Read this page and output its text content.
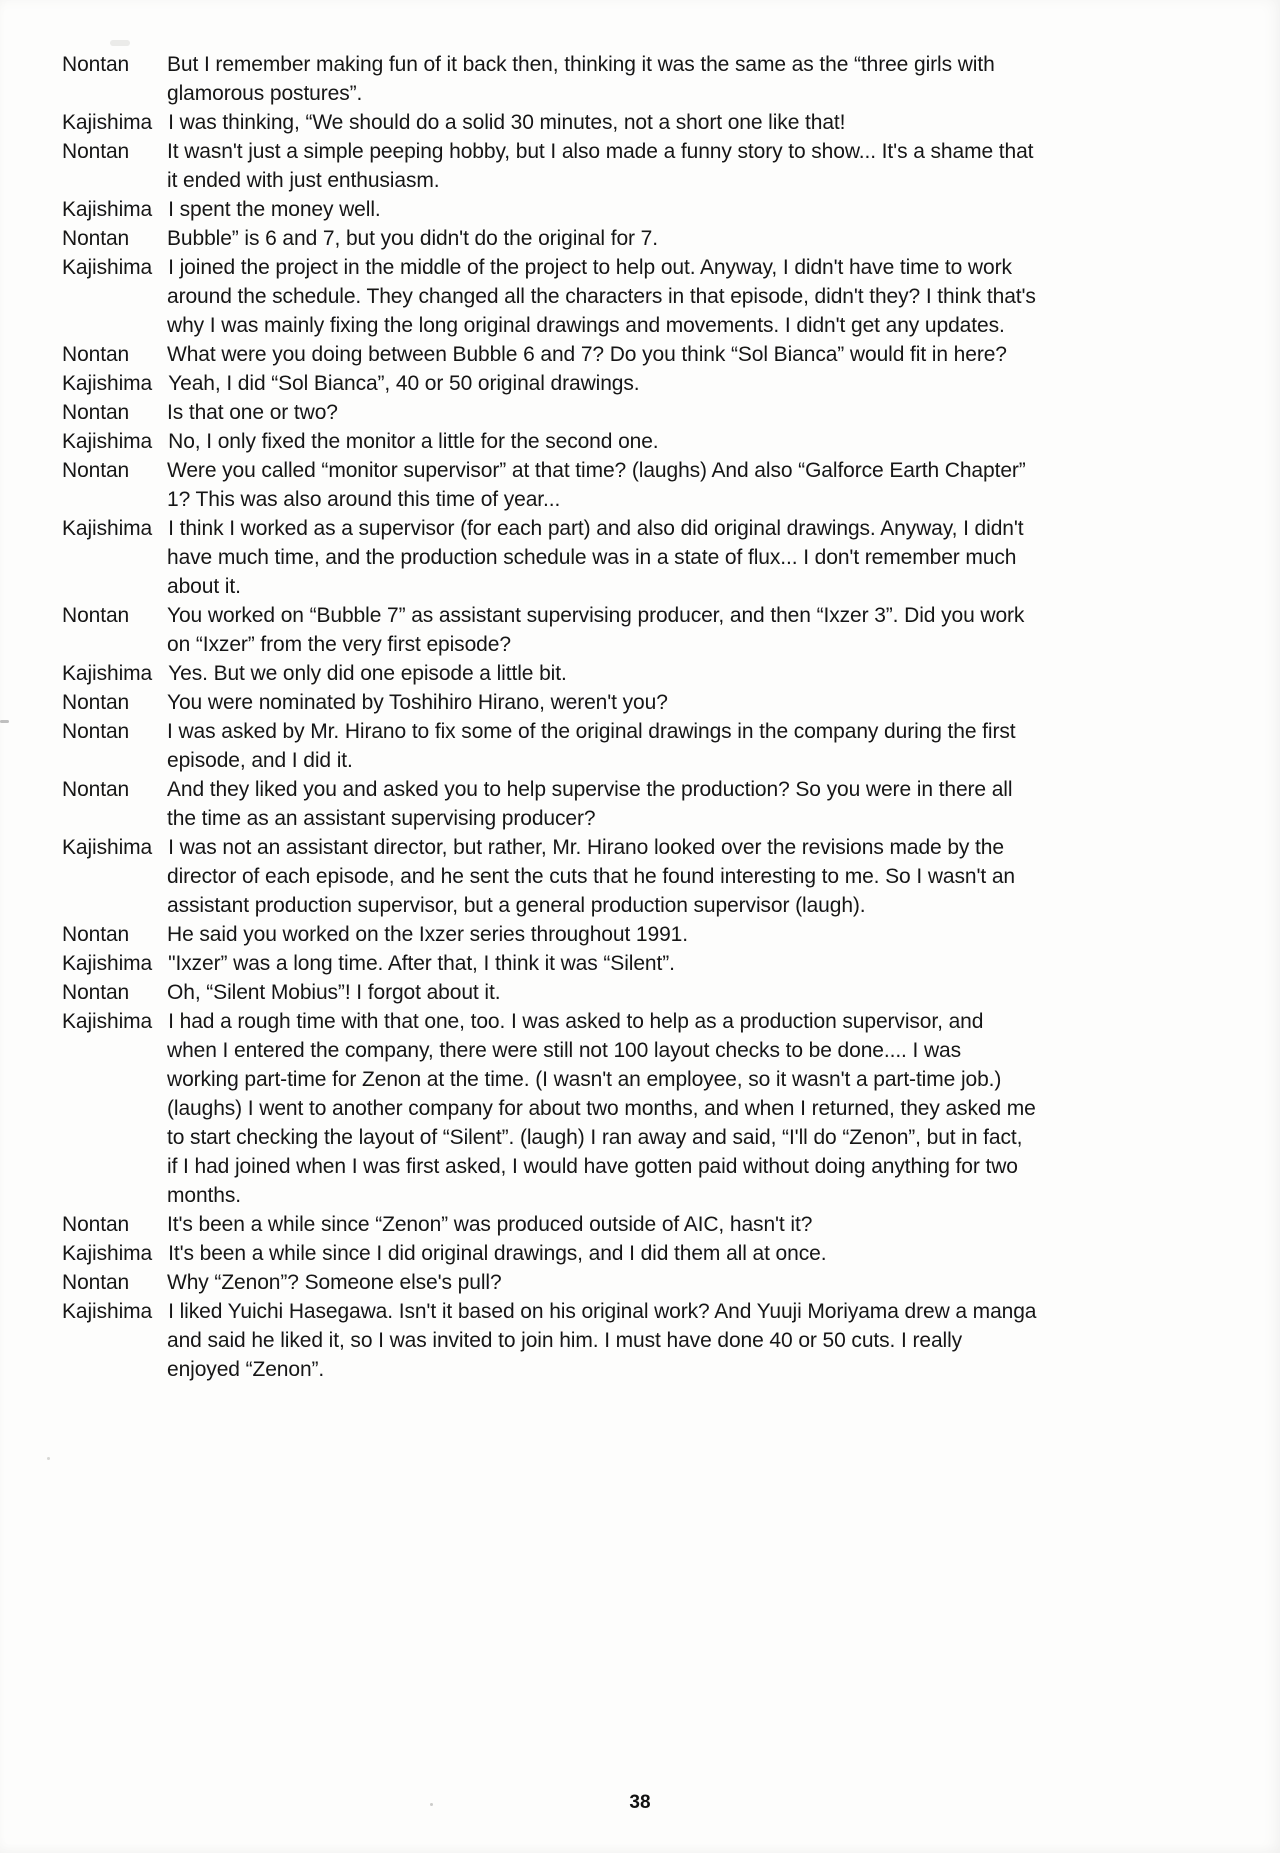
Nontan But I remember making fun of it back then, thinking it was the same as the “three girls with glamorous postures”.

Kajishima I was thinking, “We should do a solid 30 minutes, not a short one like that!

Nontan It wasn't just a simple peeping hobby, but I also made a funny story to show... It's a shame that it ended with just enthusiasm.

Kajishima I spent the money well.

Nontan Bubble” is 6 and 7, but you didn't do the original for 7.

Kajishima I joined the project in the middle of the project to help out. Anyway, I didn't have time to work around the schedule. They changed all the characters in that episode, didn't they? I think that's why I was mainly fixing the long original drawings and movements. I didn't get any updates.

Nontan What were you doing between Bubble 6 and 7? Do you think “Sol Bianca” would fit in here?

Kajishima Yeah, I did “Sol Bianca”, 40 or 50 original drawings.

Nontan Is that one or two?

Kajishima No, I only fixed the monitor a little for the second one.

Nontan Were you called “monitor supervisor” at that time? (laughs) And also “Galforce Earth Chapter” 1? This was also around this time of year...

Kajishima I think I worked as a supervisor (for each part) and also did original drawings. Anyway, I didn't have much time, and the production schedule was in a state of flux... I don't remember much about it.

Nontan You worked on “Bubble 7” as assistant supervising producer, and then “Ixzer 3”. Did you work on “Ixzer” from the very first episode?

Kajishima Yes. But we only did one episode a little bit.

Nontan You were nominated by Toshihiro Hirano, weren't you?

Nontan I was asked by Mr. Hirano to fix some of the original drawings in the company during the first episode, and I did it.

Nontan And they liked you and asked you to help supervise the production? So you were in there all the time as an assistant supervising producer?

Kajishima I was not an assistant director, but rather, Mr. Hirano looked over the revisions made by the director of each episode, and he sent the cuts that he found interesting to me. So I wasn't an assistant production supervisor, but a general production supervisor (laugh).

Nontan He said you worked on the Ixzer series throughout 1991.

Kajishima "Ixzer” was a long time. After that, I think it was “Silent”.

Nontan Oh, “Silent Mobius”! I forgot about it.

Kajishima I had a rough time with that one, too. I was asked to help as a production supervisor, and when I entered the company, there were still not 100 layout checks to be done.... I was working part-time for Zenon at the time. (I wasn't an employee, so it wasn't a part-time job.) (laughs) I went to another company for about two months, and when I returned, they asked me to start checking the layout of “Silent”. (laugh) I ran away and said, “I'll do “Zenon”, but in fact, if I had joined when I was first asked, I would have gotten paid without doing anything for two months.

Nontan It's been a while since “Zenon” was produced outside of AIC, hasn't it?

Kajishima It's been a while since I did original drawings, and I did them all at once.

Nontan Why “Zenon”? Someone else's pull?

Kajishima I liked Yuichi Hasegawa. Isn't it based on his original work? And Yuuji Moriyama drew a manga and said he liked it, so I was invited to join him. I must have done 40 or 50 cuts. I really enjoyed “Zenon”.

38
